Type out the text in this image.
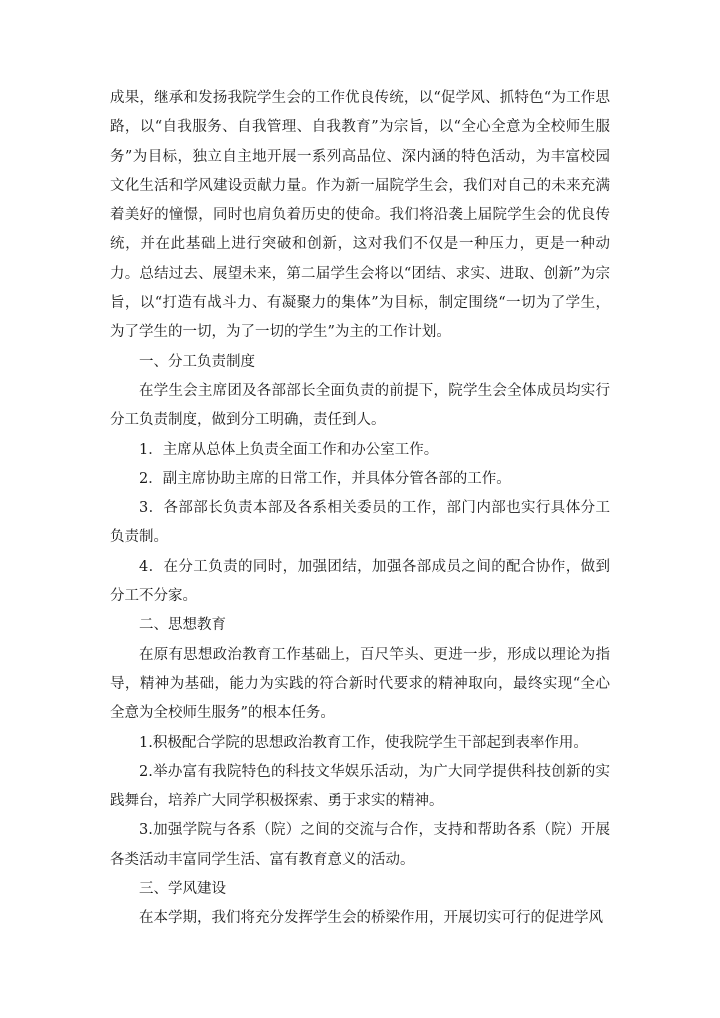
成果，继承和发扬我院学生会的工作优良传统，以“促学风、抓特色“为工作思路，以“自我服务、自我管理、自我教育”为宗旨，以“全心全意为全校师生服务”为目标，独立自主地开展一系列高品位、深内涵的特色活动，为丰富校园文化生活和学风建设贡献力量。作为新一届院学生会，我们对自己的未来充满着美好的憧憬，同时也肩负着历史的使命。我们将沿袭上届院学生会的优良传统，并在此基础上进行突破和创新，这对我们不仅是一种压力，更是一种动力。总结过去、展望未来，第二届学生会将以“团结、求实、进取、创新”为宗旨，以“打造有战斗力、有凝聚力的集体”为目标，制定围绕“一切为了学生，为了学生的一切，为了一切的学生”为主的工作计划。

一、分工负责制度

在学生会主席团及各部部长全面负责的前提下，院学生会全体成员均实行分工负责制度，做到分工明确，责任到人。

1．主席从总体上负责全面工作和办公室工作。

2．副主席协助主席的日常工作，并具体分管各部的工作。

3．各部部长负责本部及各系相关委员的工作，部门内部也实行具体分工负责制。

4．在分工负责的同时，加强团结，加强各部成员之间的配合协作，做到分工不分家。

二、思想教育

在原有思想政治教育工作基础上，百尺竿头、更进一步，形成以理论为指导，精神为基础，能力为实践的符合新时代要求的精神取向，最终实现“全心全意为全校师生服务”的根本任务。

1.积极配合学院的思想政治教育工作，使我院学生干部起到表率作用。

2.举办富有我院特色的科技文华娱乐活动，为广大同学提供科技创新的实践舞台，培养广大同学积极探索、勇于求实的精神。

3.加强学院与各系（院）之间的交流与合作，支持和帮助各系（院）开展各类活动丰富同学生活、富有教育意义的活动。

三、学风建设

在本学期，我们将充分发挥学生会的桥梁作用，开展切实可行的促进学风
